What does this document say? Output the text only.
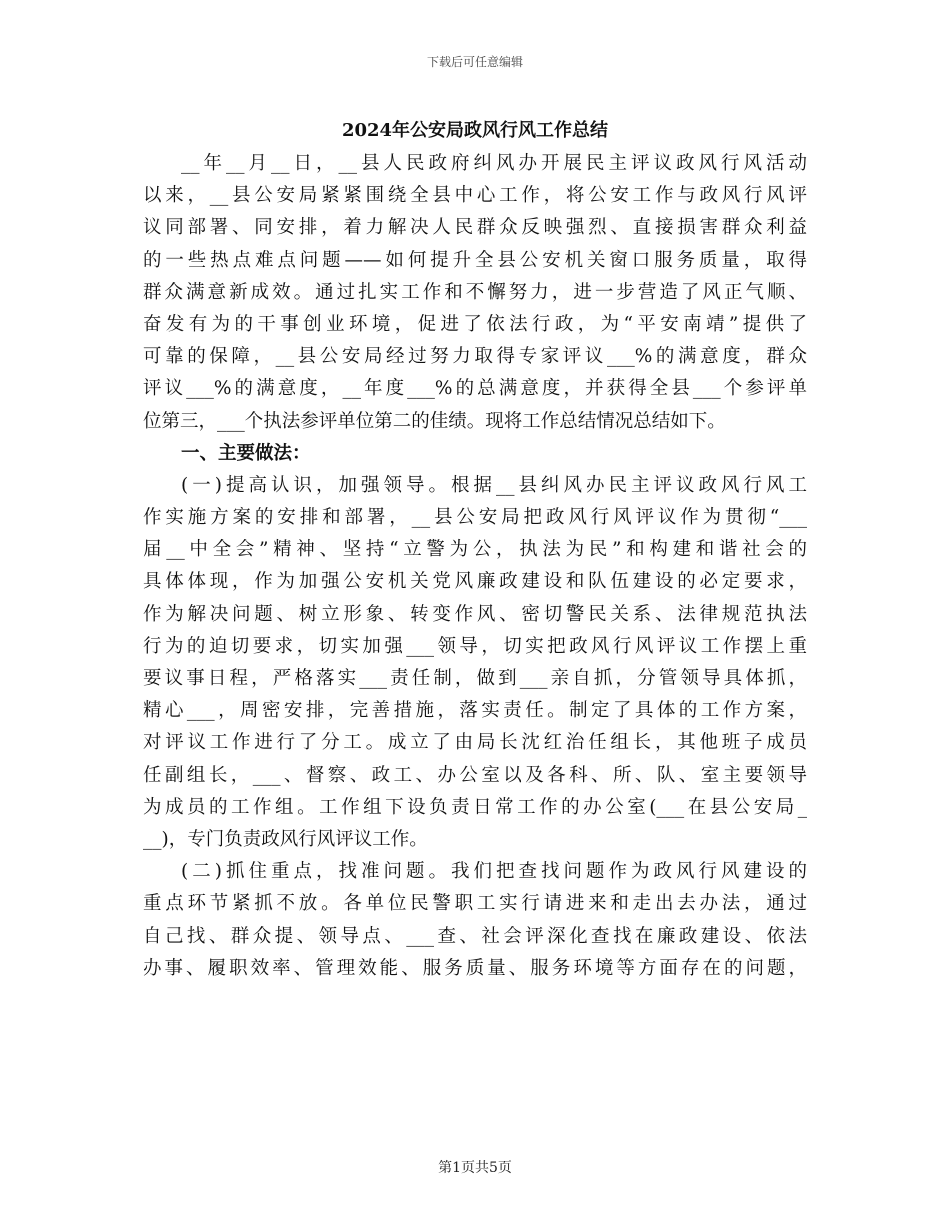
下载后可任意编辑
2024年公安局政风行风工作总结
__年__月__日，__县人民政府纠风办开展民主评议政风行风活动
以来，__县公安局紧紧围绕全县中心工作，将公安工作与政风行风评
议同部署、同安排，着力解决人民群众反映强烈、直接损害群众利益
的一些热点难点问题——如何提升全县公安机关窗口服务质量，取得
群众满意新成效。通过扎实工作和不懈努力，进一步营造了风正气顺、
奋发有为的干事创业环境，促进了依法行政，为“平安南靖”提供了
可靠的保障，__县公安局经过努力取得专家评议___%的满意度，群众
评议___%的满意度，__年度___%的总满意度，并获得全县___个参评单
位第三，___个执法参评单位第二的佳绩。现将工作总结情况总结如下。
一、主要做法：
(一)提高认识，加强领导。根据__县纠风办民主评议政风行风工
作实施方案的安排和部署，__县公安局把政风行风评议作为贯彻“___
届__中全会”精神、坚持“立警为公，执法为民”和构建和谐社会的
具体体现，作为加强公安机关党风廉政建设和队伍建设的必定要求，
作为解决问题、树立形象、转变作风、密切警民关系、法律规范执法
行为的迫切要求，切实加强___领导，切实把政风行风评议工作摆上重
要议事日程，严格落实___责任制，做到___亲自抓，分管领导具体抓，
精心___，周密安排，完善措施，落实责任。制定了具体的工作方案，
对评议工作进行了分工。成立了由局长沈红治任组长，其他班子成员
任副组长，___、督察、政工、办公室以及各科、所、队、室主要领导
为成员的工作组。工作组下设负责日常工作的办公室(___在县公安局_
__)，专门负责政风行风评议工作。
(二)抓住重点，找准问题。我们把查找问题作为政风行风建设的
重点环节紧抓不放。各单位民警职工实行请进来和走出去办法，通过
自己找、群众提、领导点、___查、社会评深化查找在廉政建设、依法
办事、履职效率、管理效能、服务质量、服务环境等方面存在的问题，
第1页共5页
